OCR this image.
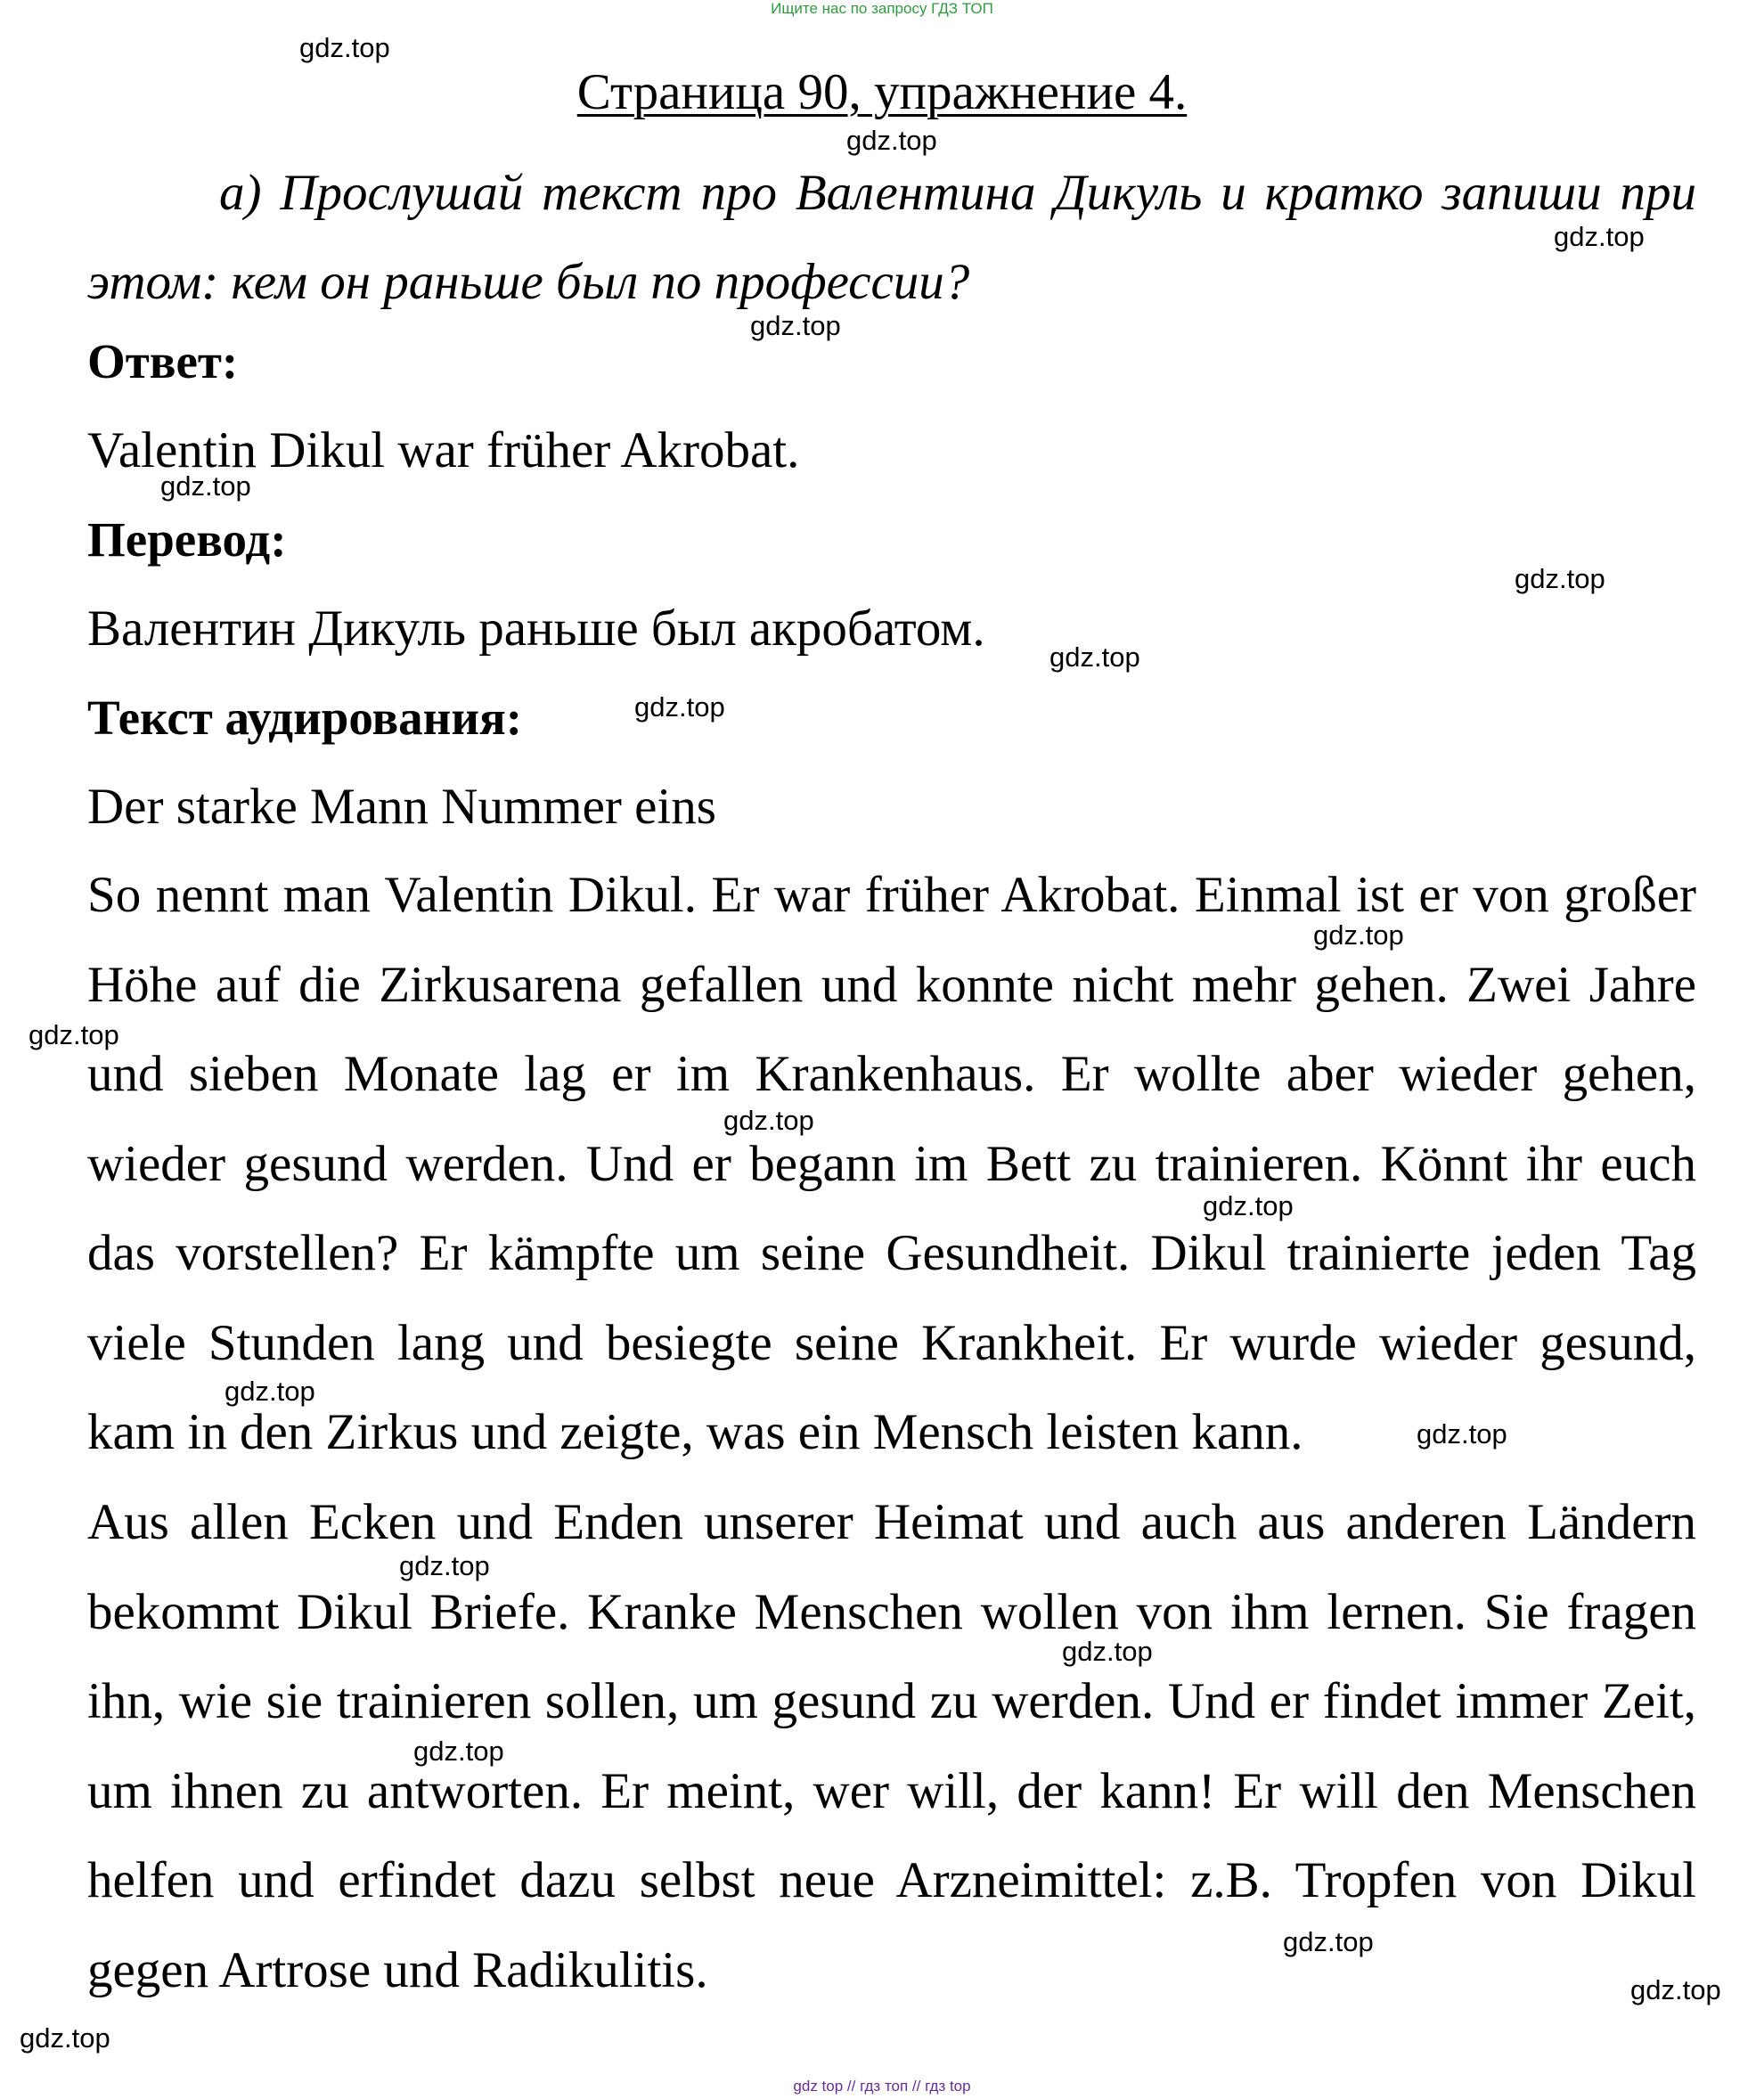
Ищите нас по запросу ГДЗ ТОП
Страница 90, упражнение 4.

а) Прослушай текст про Валентина Дикуль и кратко запиши при этом: кем он раньше был по профессии?

Ответ:

Valentin Dikul war früher Akrobat.

Перевод:

Валентин Дикуль раньше был акробатом.

Текст аудирования:

Der starke Mann Nummer eins

So nennt man Valentin Dikul. Er war früher Akrobat. Einmal ist er von großer Höhe auf die Zirkusarena gefallen und konnte nicht mehr gehen. Zwei Jahre und sieben Monate lag er im Krankenhaus. Er wollte aber wieder gehen, wieder gesund werden. Und er begann im Bett zu trainieren. Könnt ihr euch das vorstellen? Er kämpfte um seine Gesundheit. Dikul trainierte jeden Tag viele Stunden lang und besiegte seine Krankheit. Er wurde wieder gesund, kam in den Zirkus und zeigte, was ein Mensch leisten kann.

Aus allen Ecken und Enden unserer Heimat und auch aus anderen Ländern bekommt Dikul Briefe. Kranke Menschen wollen von ihm lernen. Sie fragen ihn, wie sie trainieren sollen, um gesund zu werden. Und er findet immer Zeit, um ihnen zu antworten. Er meint, wer will, der kann! Er will den Menschen helfen und erfindet dazu selbst neue Arzneimittel: z.B. Tropfen von Dikul gegen Artrose und Radikulitis.

gdz.top
gdz.top
gdz.top
gdz.top
gdz.top
gdz.top
gdz.top
gdz.top
gdz.top
gdz.top
gdz.top
gdz.top
gdz.top
gdz.top
gdz.top
gdz.top
gdz.top
gdz.top
gdz.top
gdz.top
gdz top // гдз топ // гдз top
